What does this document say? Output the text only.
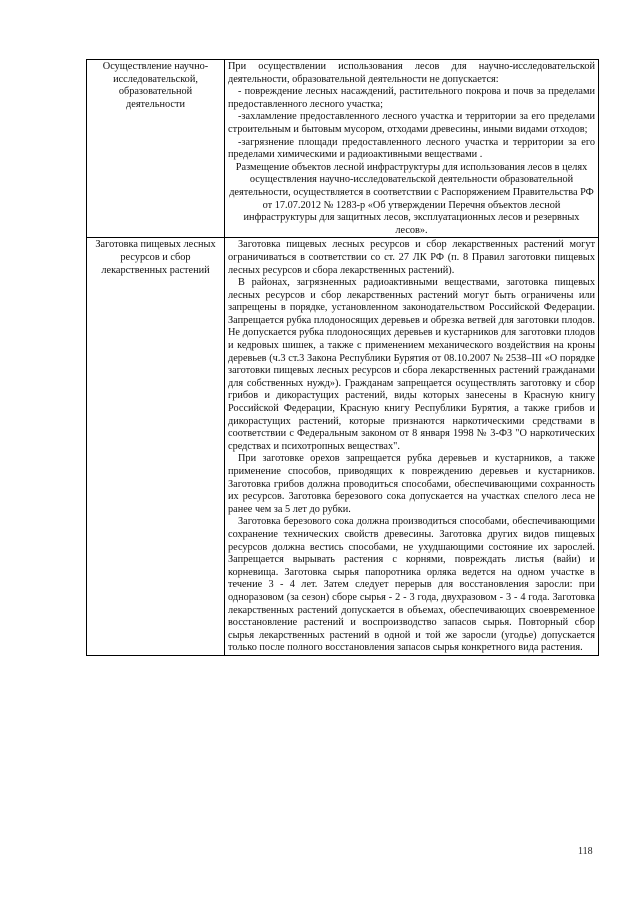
Осуществление научно-исследовательской, образовательной деятельности	При осуществлении использования лесов для научно-исследовательской деятельности, образовательной деятельности не допускается:

- повреждение лесных насаждений, растительного покрова и почв за пределами предоставленного лесного участка;

-захламление предоставленного лесного участка и территории за его пределами строительным и бытовым мусором, отходами древесины, иными видами отходов;

-загрязнение площади предоставленного лесного участка и территории за его пределами химическими и радиоактивными веществами .

Размещение объектов лесной инфраструктуры для использования лесов в целях осуществления научно-исследовательской деятельности образовательной деятельности, осуществляется в соответствии с Распоряжением Правительства РФ от 17.07.2012 № 1283-р «Об утверждении Перечня объектов лесной инфраструктуры для защитных лесов, эксплуатационных лесов и резервных лесов».

Заготовка пищевых лесных ресурсов и сбор лекарственных растений	Заготовка пищевых лесных ресурсов и сбор лекарственных растений могут ограничиваться в соответствии со ст. 27 ЛК РФ (п. 8 Правил заготовки пищевых лесных ресурсов и сбора лекарственных растений).

В районах, загрязненных радиоактивными веществами, заготовка пищевых лесных ресурсов и сбор лекарственных растений могут быть ограничены или запрещены в порядке, установленном законодательством Российской Федерации. Запрещается рубка плодоносящих деревьев и обрезка ветвей для заготовки плодов. Не допускается рубка плодоносящих деревьев и кустарников для заготовки плодов и кедровых шишек, а также с применением механического воздействия на кроны деревьев (ч.3 ст.3 Закона Республики Бурятия от 08.10.2007 № 2538–III «О порядке заготовки пищевых лесных ресурсов и сбора лекарственных растений гражданами для собственных нужд»). Гражданам запрещается осуществлять заготовку и сбор грибов и дикорастущих растений, виды которых занесены в Красную книгу Российской Федерации, Красную книгу Республики Бурятия, а также грибов и дикорастущих растений, которые признаются наркотическими средствами в соответствии с Федеральным законом от 8 января 1998 № 3-ФЗ "О наркотических средствах и психотропных веществах".

При заготовке орехов запрещается рубка деревьев и кустарников, а также применение способов, приводящих к повреждению деревьев и кустарников. Заготовка грибов должна проводиться способами, обеспечивающими сохранность их ресурсов. Заготовка березового сока допускается на участках спелого леса не ранее чем за 5 лет до рубки.

Заготовка березового сока должна производиться способами, обеспечивающими сохранение технических свойств древесины. Заготовка других видов пищевых ресурсов должна вестись способами, не ухудшающими состояние их зарослей. Запрещается вырывать растения с корнями, повреждать листья (вайи) и корневища. Заготовка сырья папоротника орляка ведется на одном участке в течение 3 - 4 лет. Затем следует перерыв для восстановления заросли: при одноразовом (за сезон) сборе сырья - 2 - 3 года, двухразовом - 3 - 4 года. Заготовка лекарственных растений допускается в объемах, обеспечивающих своевременное восстановление растений и воспроизводство запасов сырья. Повторный сбор сырья лекарственных растений в одной и той же заросли (угодье) допускается только после полного восстановления запасов сырья конкретного вида растения.

118
